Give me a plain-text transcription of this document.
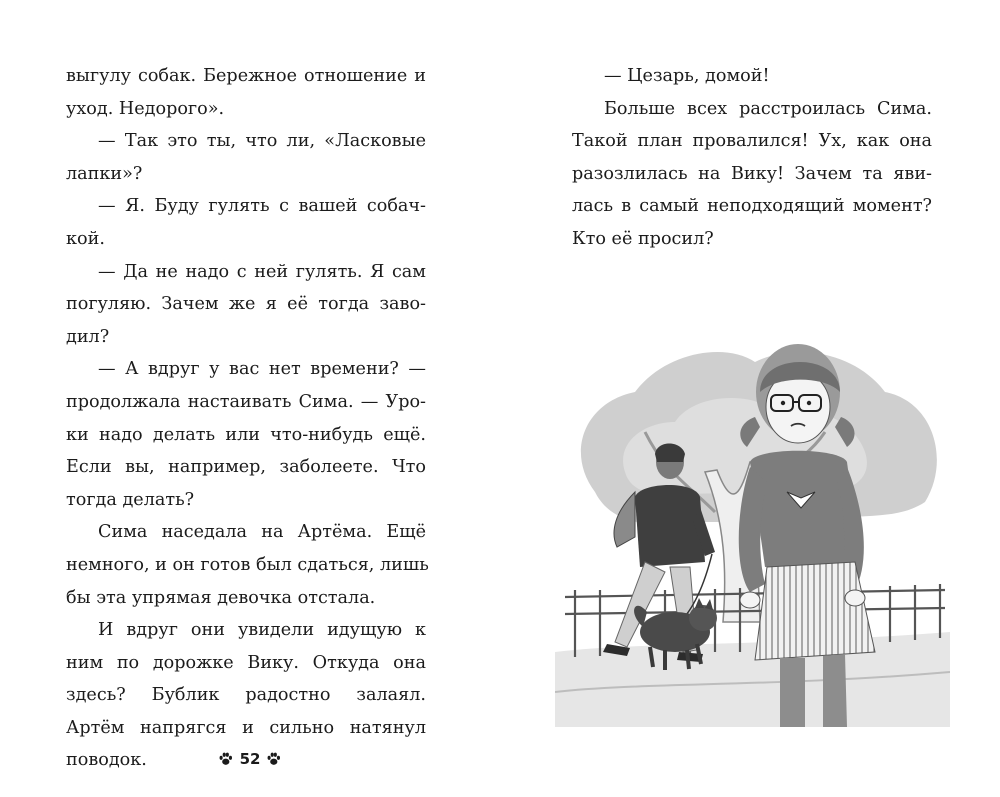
выгулу собак. Бережное отношение и
уход. Недорого».
— Так это ты, что ли, «Ласковые
лапки»?
— Я. Буду гулять с вашей собач-
кой.
— Да не надо с ней гулять. Я сам
погуляю. Зачем же я её тогда заво-
дил?
— А вдруг у вас нет времени? —
продолжала настаивать Сима. — Уро-
ки надо делать или что-нибудь ещё.
Если вы, например, заболеете. Что
тогда делать?
Сима наседала на Артёма. Ещё
немного, и он готов был сдаться, лишь
бы эта упрямая девочка отстала.
И вдруг они увидели идущую к
ним по дорожке Вику. Откуда она
здесь? Бублик радостно залаял.
Артём напрягся и сильно натянул
поводок.
— Цезарь, домой!
Больше всех расстроилась Сима.
Такой план провалился! Ух, как она
разозлилась на Вику! Зачем та яви-
лась в самый неподходящий момент?
Кто её просил?
52
